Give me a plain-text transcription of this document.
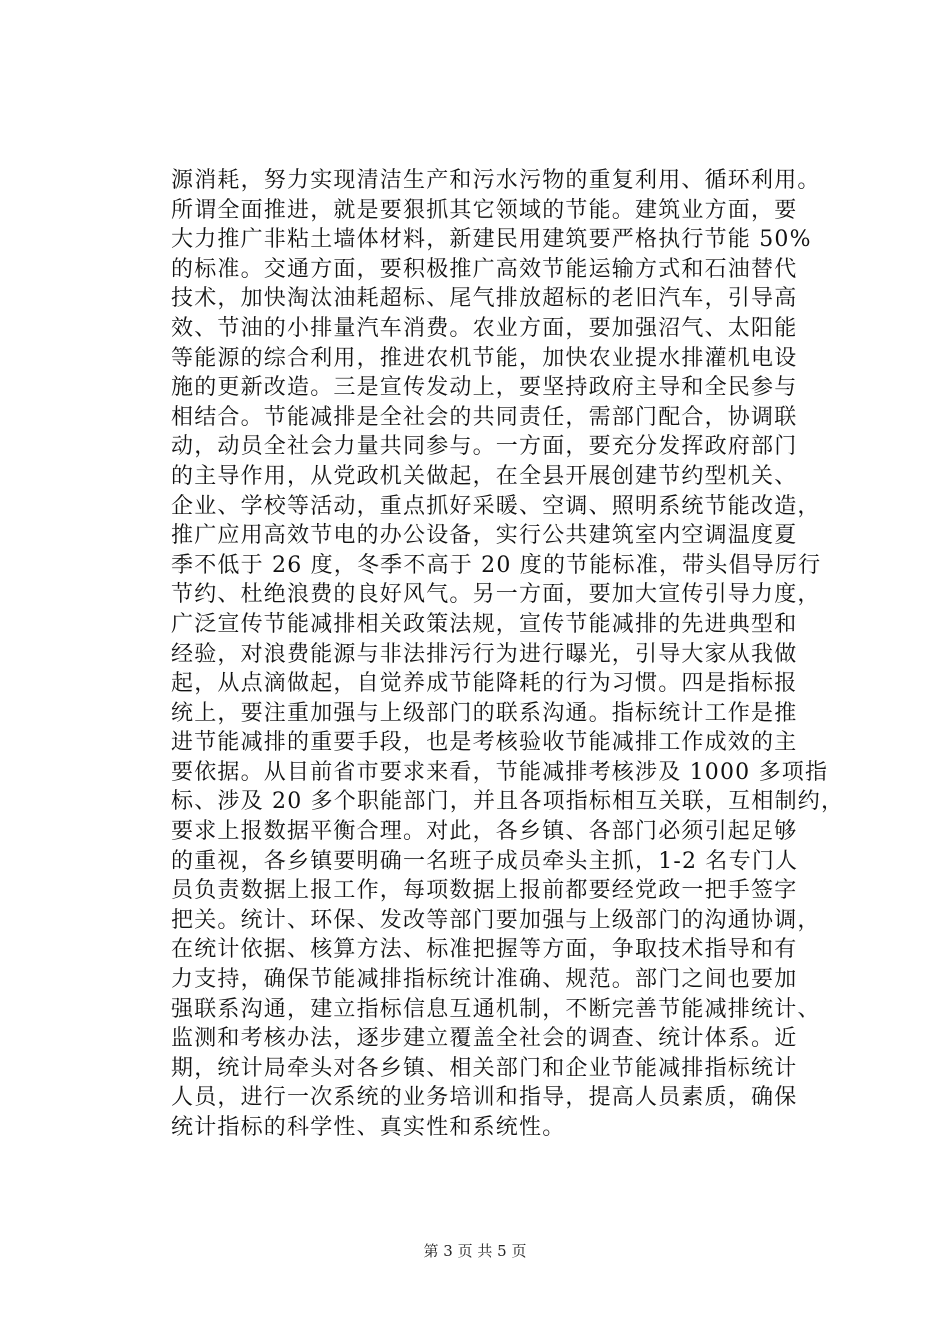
源消耗，努力实现清洁生产和污水污物的重复利用、循环利用。
所谓全面推进，就是要狠抓其它领域的节能。建筑业方面，要
大力推广非粘土墙体材料，新建民用建筑要严格执行节能 50%
的标准。交通方面，要积极推广高效节能运输方式和石油替代
技术，加快淘汰油耗超标、尾气排放超标的老旧汽车，引导高
效、节油的小排量汽车消费。农业方面，要加强沼气、太阳能
等能源的综合利用，推进农机节能，加快农业提水排灌机电设
施的更新改造。三是宣传发动上，要坚持政府主导和全民参与
相结合。节能减排是全社会的共同责任，需部门配合，协调联
动，动员全社会力量共同参与。一方面，要充分发挥政府部门
的主导作用，从党政机关做起，在全县开展创建节约型机关、
企业、学校等活动，重点抓好采暖、空调、照明系统节能改造，
推广应用高效节电的办公设备，实行公共建筑室内空调温度夏
季不低于 26 度，冬季不高于 20 度的节能标准，带头倡导厉行
节约、杜绝浪费的良好风气。另一方面，要加大宣传引导力度，
广泛宣传节能减排相关政策法规，宣传节能减排的先进典型和
经验，对浪费能源与非法排污行为进行曝光，引导大家从我做
起，从点滴做起，自觉养成节能降耗的行为习惯。四是指标报
统上，要注重加强与上级部门的联系沟通。指标统计工作是推
进节能减排的重要手段，也是考核验收节能减排工作成效的主
要依据。从目前省市要求来看，节能减排考核涉及 1000 多项指
标、涉及 20 多个职能部门，并且各项指标相互关联，互相制约，
要求上报数据平衡合理。对此，各乡镇、各部门必须引起足够
的重视，各乡镇要明确一名班子成员牵头主抓，1-2 名专门人
员负责数据上报工作，每项数据上报前都要经党政一把手签字
把关。统计、环保、发改等部门要加强与上级部门的沟通协调，
在统计依据、核算方法、标准把握等方面，争取技术指导和有
力支持，确保节能减排指标统计准确、规范。部门之间也要加
强联系沟通，建立指标信息互通机制，不断完善节能减排统计、
监测和考核办法，逐步建立覆盖全社会的调查、统计体系。近
期，统计局牵头对各乡镇、相关部门和企业节能减排指标统计
人员，进行一次系统的业务培训和指导，提高人员素质，确保
统计指标的科学性、真实性和系统性。
第 3 页 共 5 页
